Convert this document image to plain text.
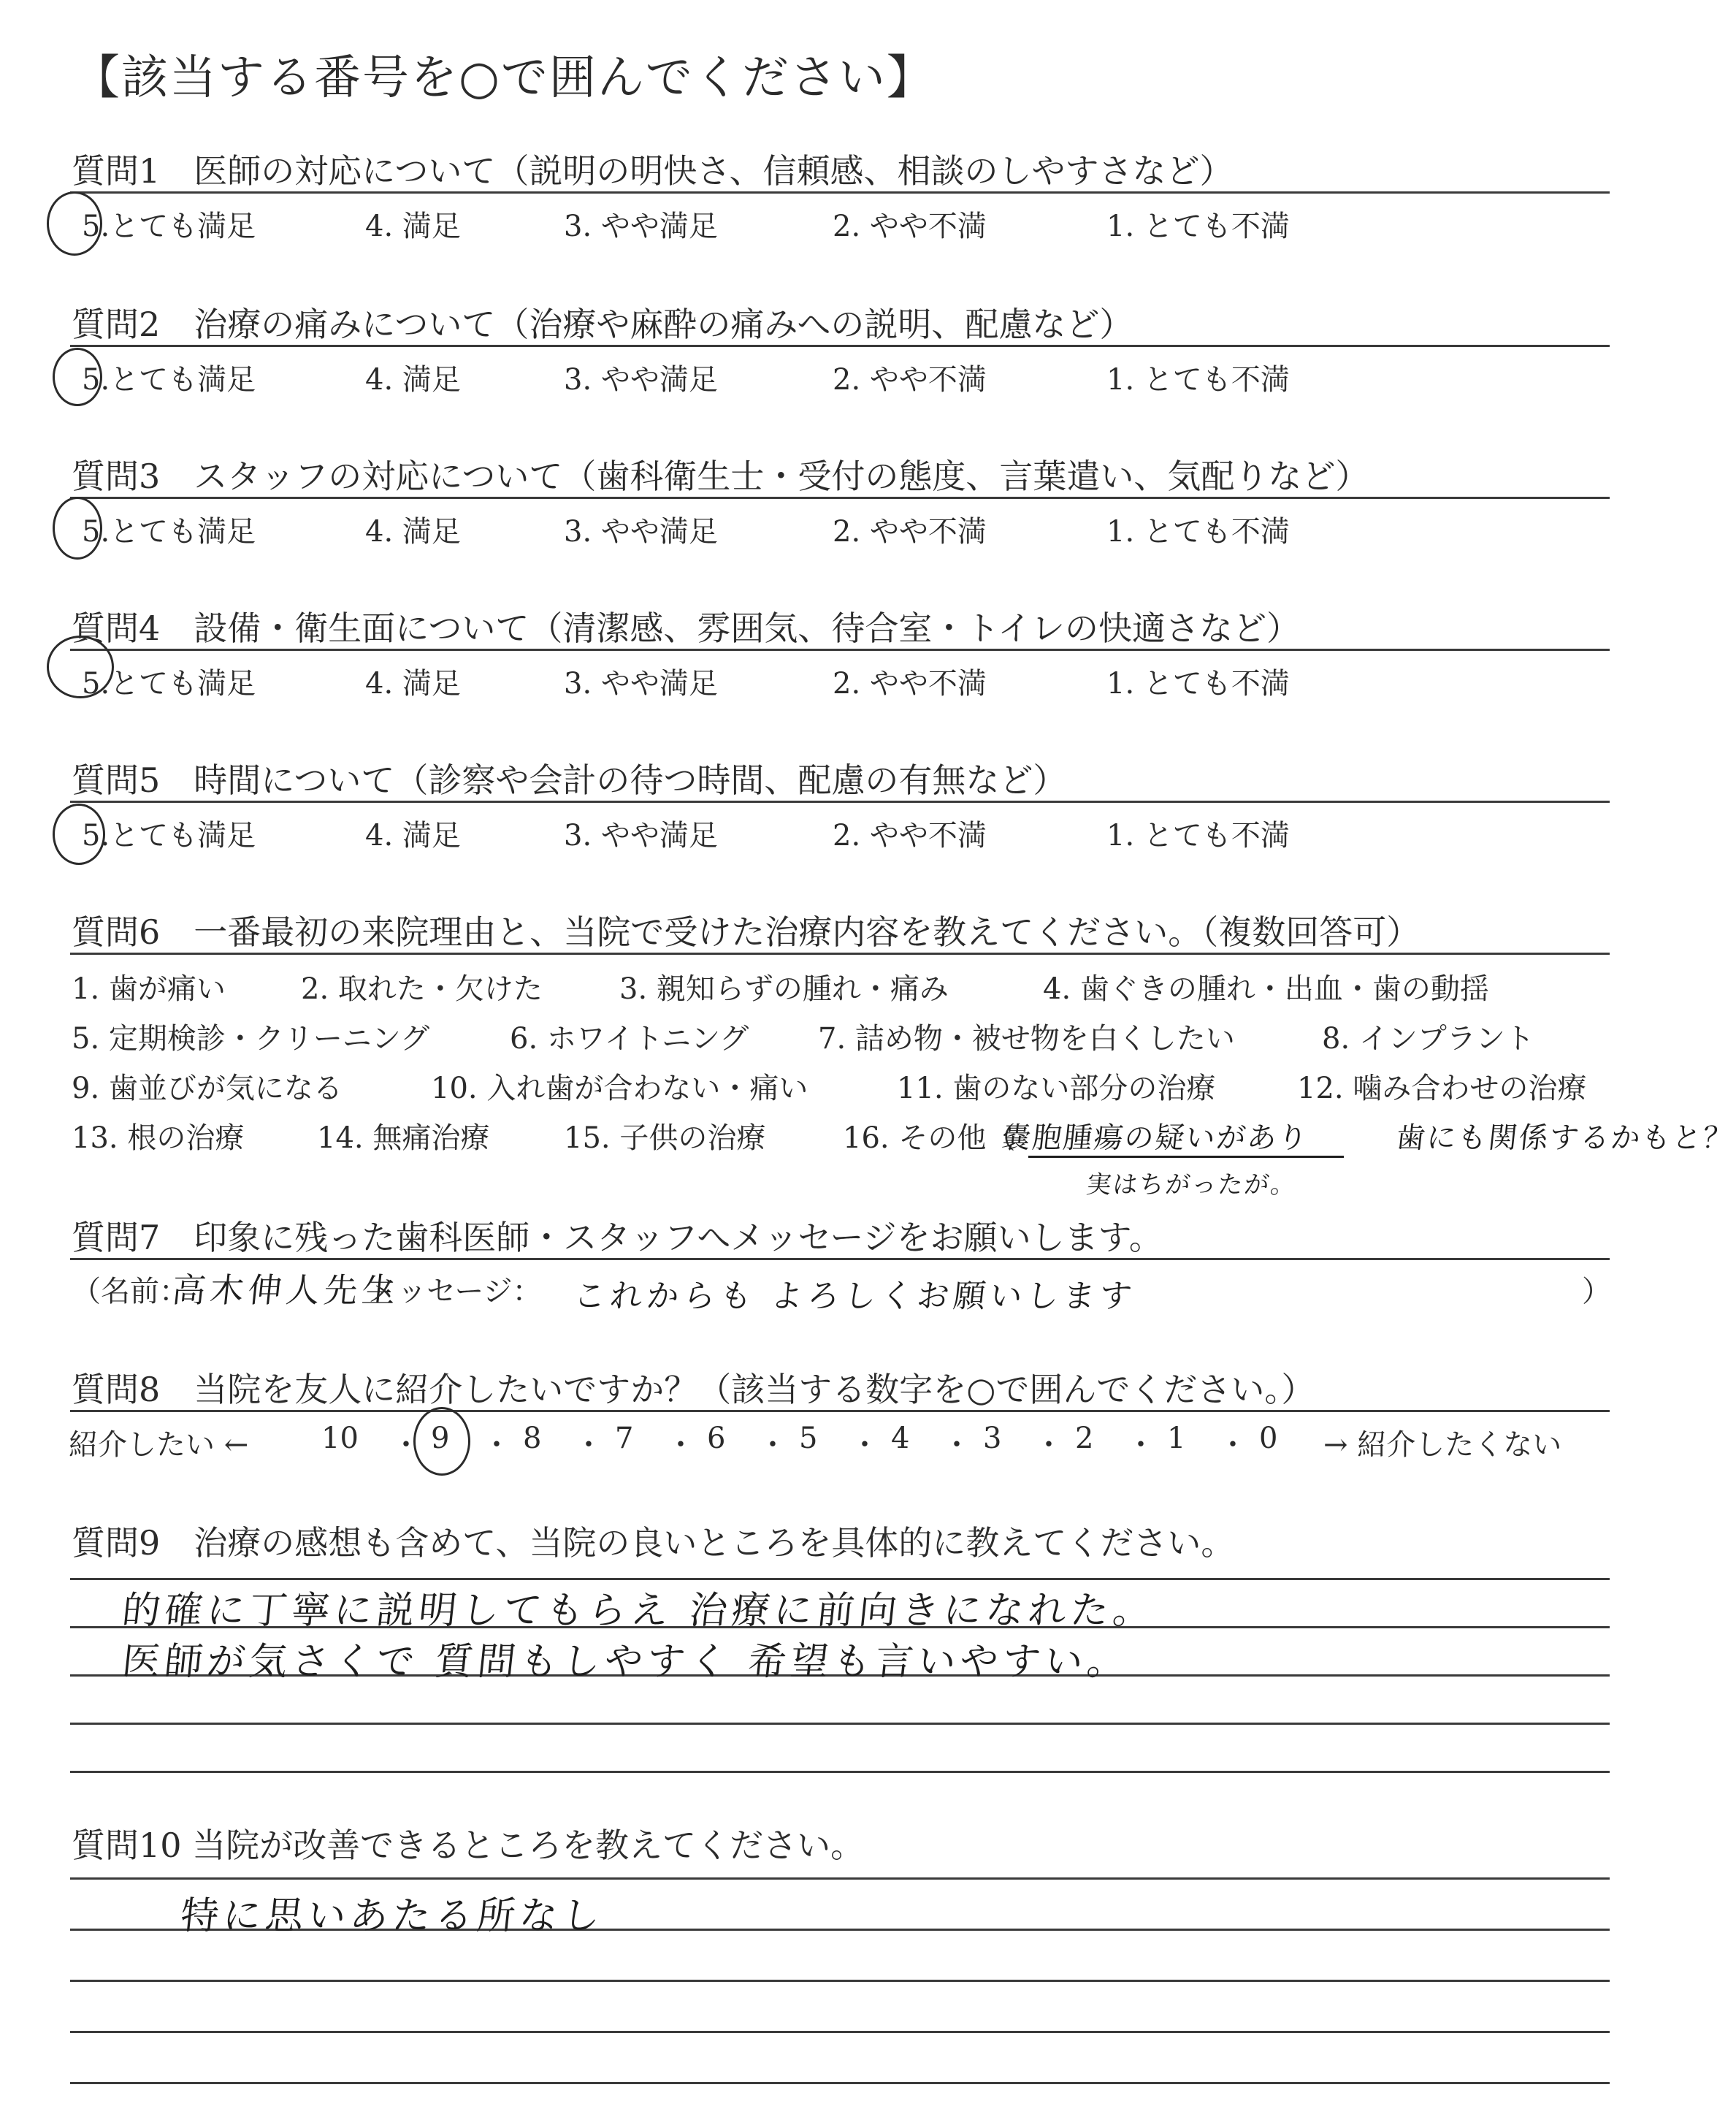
【該当する番号を○で囲んでください】
質問1　医師の対応について（説明の明快さ、信頼感、相談のしやすさなど）
5.とても満足	4. 満足	3. やや満足	2. やや不満	1. とても不満
質問2　治療の痛みについて（治療や麻酔の痛みへの説明、配慮など）
5.とても満足	4. 満足	3. やや満足	2. やや不満	1. とても不満
質問3　スタッフの対応について（歯科衛生士・受付の態度、言葉遣い、気配りなど）
5.とても満足	4. 満足	3. やや満足	2. やや不満	1. とても不満
質問4　設備・衛生面について（清潔感、雰囲気、待合室・トイレの快適さなど）
5.とても満足	4. 満足	3. やや満足	2. やや不満	1. とても不満
質問5　時間について（診察や会計の待つ時間、配慮の有無など）
5.とても満足	4. 満足	3. やや満足	2. やや不満	1. とても不満
質問6　一番最初の来院理由と、当院で受けた治療内容を教えてください。（複数回答可）
1. 歯が痛い	2. 取れた・欠けた	3. 親知らずの腫れ・痛み	4. 歯ぐきの腫れ・出血・歯の動揺
5. 定期検診・クリーニング	6. ホワイトニング 7. 詰め物・被せ物を白くしたい	8. インプラント
9. 歯並びが気になる	10. 入れ歯が合わない・痛い	11. 歯のない部分の治療	12. 噛み合わせの治療
13. 根の治療 14. 無痛治療	15. 子供の治療	16. その他（
嚢胞腫瘍の疑いがあり	歯にも関係するかもと？
実はちがったが。
質問7　印象に残った歯科医師・スタッフへメッセージをお願いします。
（名前：
高木伸人先生
メッセージ： これからも よろしくお願いします	）
質問8　当院を友人に紹介したいですか？（該当する数字を○で囲んでください。）
紹介したい ←	→ 紹介したくない
10 ・ 9 ・ 8 ・ 7 ・ 6 ・ 5 ・ 4 ・ 3 ・ 2 ・ 1 ・ 0
質問9　治療の感想も含めて、当院の良いところを具体的に教えてください。
的確に丁寧に説明してもらえ 治療に前向きになれた。
医師が気さくで 質問もしやすく 希望も言いやすい。
質問10 当院が改善できるところを教えてください。
特に思いあたる所なし
